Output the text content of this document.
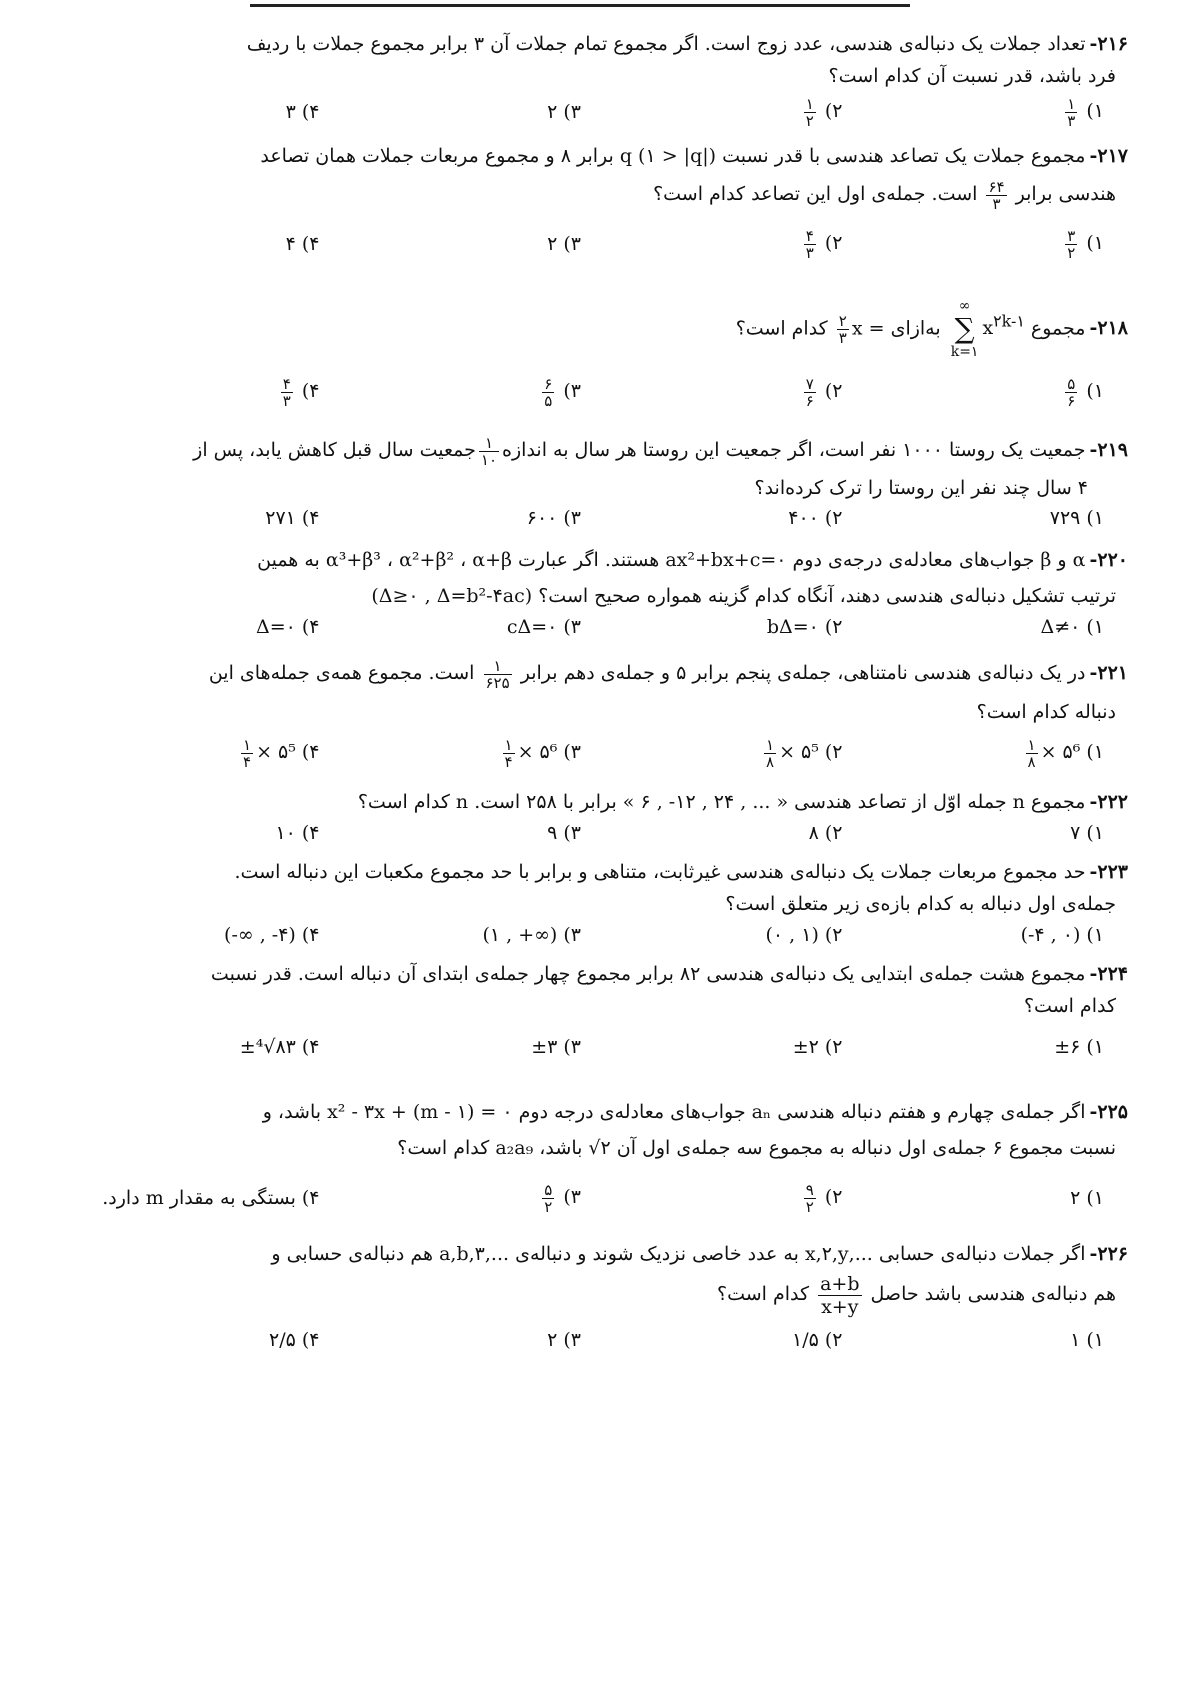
۲۱۶-تعداد جملات یک دنباله‌ی هندسی، عدد زوج است. اگر مجموع تمام جملات آن ۳ برابر مجموع جملات با ردیف
فرد باشد، قدر نسبت آن کدام است؟
۱)
$\frac{۱}{۳}$
۲)
$\frac{۱}{۲}$
۳)۲
۴)۳
۲۱۷-مجموع جملات یک تصاعد هندسی با قدر نسبت q (۱ > |q|) برابر ۸ و مجموع مربعات جملات همان تصاعد
هندسی برابر
$\frac{۶۴}{۳}$
است. جمله‌ی اول این تصاعد کدام است؟
۱)
$\frac{۳}{۲}$
۲)
$\frac{۴}{۳}$
۳)۲
۴)۴
۲۱۸-مجموع
∞
∑
k=۱
$x^{۲k-۱}$ به‌ازای x =
$\frac{۲}{۳}$
کدام است؟
۱)
$\frac{۵}{۶}$
۲)
$\frac{۷}{۶}$
۳)
$\frac{۶}{۵}$
۴)
$\frac{۴}{۳}$
۲۱۹-جمعیت یک روستا ۱۰۰۰ نفر است، اگر جمعیت این روستا هر سال به اندازه
$\frac{۱}{۱۰}$
جمعیت سال قبل کاهش یابد، پس از
۴ سال چند نفر این روستا را ترک کرده‌اند؟
۱)۷۲۹
۲)۴۰۰
۳)۶۰۰
۴)۲۷۱
۲۲۰-α و β جواب‌های معادله‌ی درجه‌ی دوم ax²+bx+c=۰ هستند. اگر عبارت α³+β³ ، α²+β² ، α+β به همین
ترتیب تشکیل دنباله‌ی هندسی دهند، آنگاه کدام گزینه همواره صحیح است؟ (Δ≥۰ , Δ=b²-۴ac)
۱)Δ≠۰
۲)bΔ=۰
۳)cΔ=۰
۴)Δ=۰
۲۲۱-در یک دنباله‌ی هندسی نامتناهی، جمله‌ی پنجم برابر ۵ و جمله‌ی دهم برابر
$\frac{۱}{۶۲۵}$
است. مجموع همه‌ی جمله‌های این
دنباله کدام است؟
۱)
$\frac{۱}{۸}$ × ۵⁶
۲)
$\frac{۱}{۸}$ × ۵⁵
۳)
$\frac{۱}{۴}$ × ۵⁶
۴)
$\frac{۱}{۴}$ × ۵⁵
۲۲۲-مجموع n جمله اوّل از تصاعد هندسی « ... , ۲۴ , ۱۲- , ۶ » برابر با ۲۵۸ است. n کدام است؟
۱)۷
۲)۸
۳)۹
۴)۱۰
۲۲۳-حد مجموع مربعات جملات یک دنباله‌ی هندسی غیرثابت، متناهی و برابر با حد مجموع مکعبات این دنباله است.
جمله‌ی اول دنباله به کدام بازه‌ی زیر متعلق است؟
۱)(-۴ , ۰)
۲)(۰ , ۱)
۳)(۱ , +∞)
۴)(-∞ , -۴)
۲۲۴-مجموع هشت جمله‌ی ابتدایی یک دنباله‌ی هندسی ۸۲ برابر مجموع چهار جمله‌ی ابتدای آن دنباله است. قدر نسبت
کدام است؟
۱)±۶
۲)±۲
۳)±۳
۴)±⁴√۸۳
۲۲۵-اگر جمله‌ی چهارم و هفتم دنباله هندسی aₙ جواب‌های معادله‌ی درجه دوم x² - ۳x + (m - ۱) = ۰ باشد، و
نسبت مجموع ۶ جمله‌ی اول دنباله به مجموع سه جمله‌ی اول آن ۲√ باشد، a₂a₉ کدام است؟
۱)۲
۲)
$\frac{۹}{۲}$
۳)
$\frac{۵}{۲}$
۴)بستگی به مقدار m دارد.
۲۲۶-اگر جملات دنباله‌ی حسابی ...,x,۲,y به عدد خاصی نزدیک شوند و دنباله‌ی ...,۳,a,b هم دنباله‌ی حسابی و
هم دنباله‌ی هندسی باشد حاصل
$\frac{a+b}{x+y}$
کدام است؟
۱)۱
۲)۱/۵
۳)۲
۴)۲/۵
